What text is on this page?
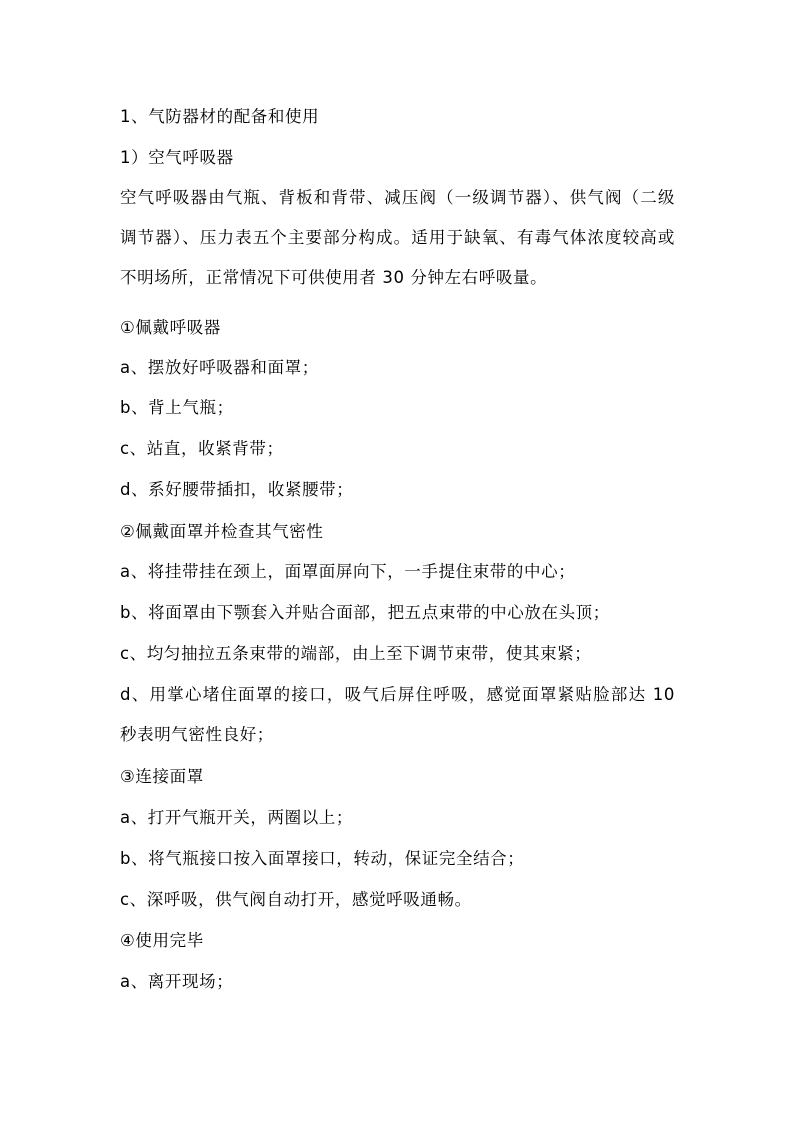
1、气防器材的配备和使用
1）空气呼吸器
空气呼吸器由气瓶、背板和背带、减压阀（一级调节器）、供气阀（二级调节器）、压力表五个主要部分构成。适用于缺氧、有毒气体浓度较高或不明场所，正常情况下可供使用者 30 分钟左右呼吸量。
①佩戴呼吸器
a、摆放好呼吸器和面罩；
b、背上气瓶；
c、站直，收紧背带；
d、系好腰带插扣，收紧腰带；
②佩戴面罩并检查其气密性
a、将挂带挂在颈上，面罩面屏向下，一手提住束带的中心；
b、将面罩由下颚套入并贴合面部，把五点束带的中心放在头顶；
c、均匀抽拉五条束带的端部，由上至下调节束带，使其束紧；
d、用掌心堵住面罩的接口，吸气后屏住呼吸，感觉面罩紧贴脸部达 10 秒表明气密性良好；
③连接面罩
a、打开气瓶开关，两圈以上；
b、将气瓶接口按入面罩接口，转动，保证完全结合；
c、深呼吸，供气阀自动打开，感觉呼吸通畅。
④使用完毕
a、离开现场；
